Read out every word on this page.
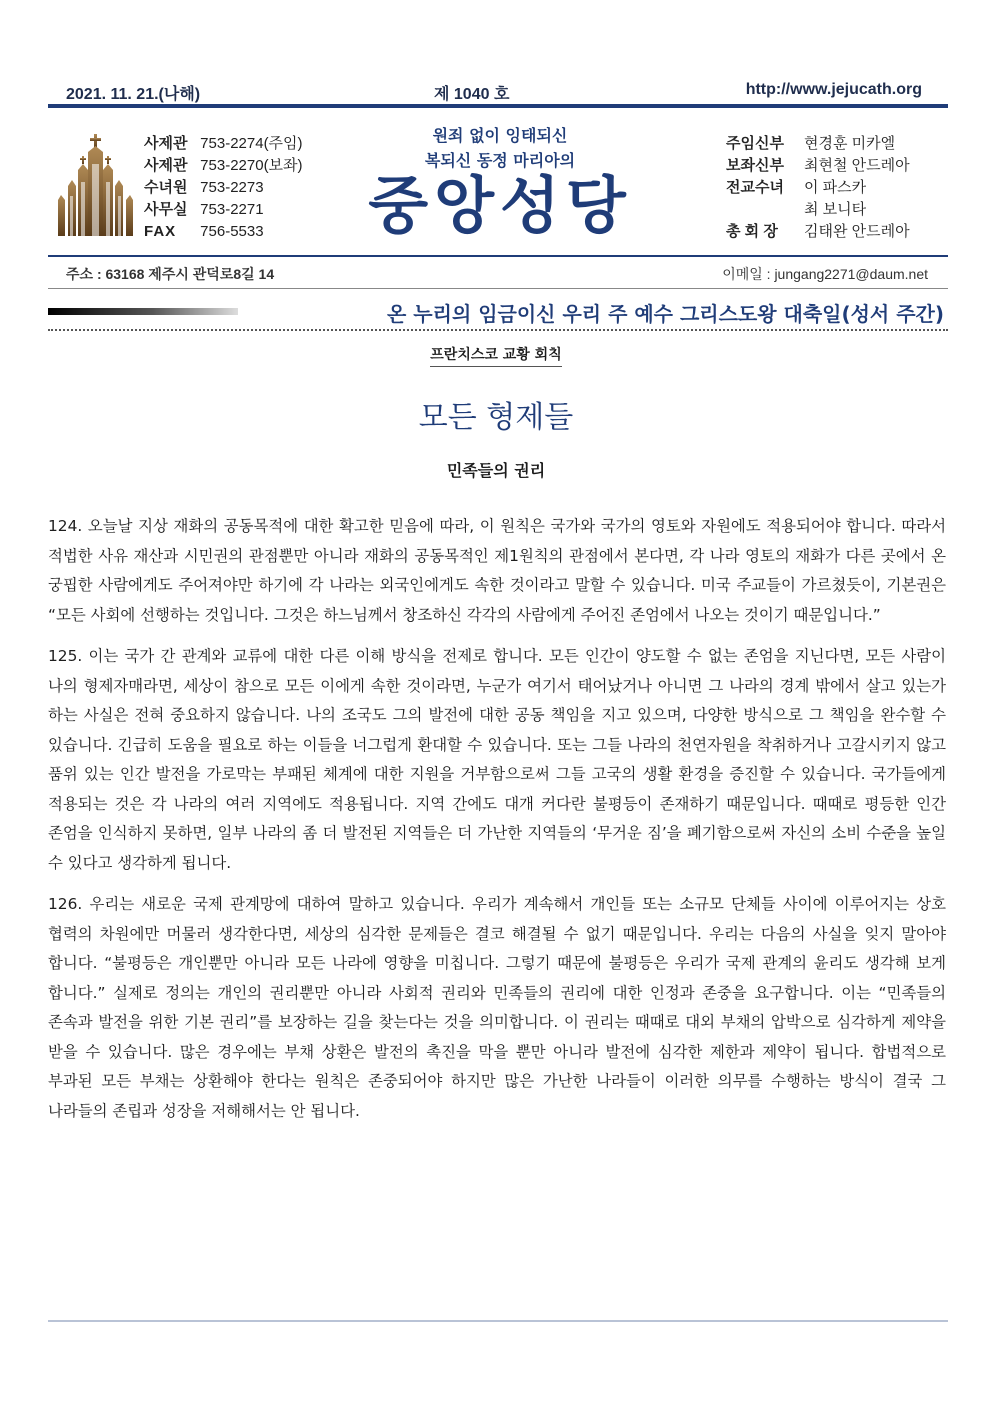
2021. 11. 21.(나해)	제 1040 호	http://www.jejucath.org
사제관 753-2274(주임)
사제관 753-2270(보좌)
수녀원 753-2273
사무실 753-2271
FAX 756-5533
원죄 없이 잉태되신
복되신 동정 마리아의
중앙성당
주임신부 현경훈 미카엘
보좌신부 최현철 안드레아
전교수녀 이 파스카
최 보니타
총 회 장 김태완 안드레아
주소 : 63168 제주시 관덕로8길 14	이메일 : jungang2271@daum.net
온 누리의 임금이신 우리 주 예수 그리스도왕 대축일(성서 주간)
프란치스코 교황 회칙
모든 형제들
민족들의 권리

124. 오늘날 지상 재화의 공동목적에 대한 확고한 믿음에 따라, 이 원칙은 국가와 국가의 영토와 자원에도 적용되어야 합니다. 따라서 적법한 사유 재산과 시민권의 관점뿐만 아니라 재화의 공동목적인 제1원칙의 관점에서 본다면, 각 나라 영토의 재화가 다른 곳에서 온 궁핍한 사람에게도 주어져야만 하기에 각 나라는 외국인에게도 속한 것이라고 말할 수 있습니다. 미국 주교들이 가르쳤듯이, 기본권은 “모든 사회에 선행하는 것입니다. 그것은 하느님께서 창조하신 각각의 사람에게 주어진 존엄에서 나오는 것이기 때문입니다.”

125. 이는 국가 간 관계와 교류에 대한 다른 이해 방식을 전제로 합니다. 모든 인간이 양도할 수 없는 존엄을 지닌다면, 모든 사람이 나의 형제자매라면, 세상이 참으로 모든 이에게 속한 것이라면, 누군가 여기서 태어났거나 아니면 그 나라의 경계 밖에서 살고 있는가 하는 사실은 전혀 중요하지 않습니다. 나의 조국도 그의 발전에 대한 공동 책임을 지고 있으며, 다양한 방식으로 그 책임을 완수할 수 있습니다. 긴급히 도움을 필요로 하는 이들을 너그럽게 환대할 수 있습니다. 또는 그들 나라의 천연자원을 착취하거나 고갈시키지 않고 품위 있는 인간 발전을 가로막는 부패된 체계에 대한 지원을 거부함으로써 그들 고국의 생활 환경을 증진할 수 있습니다. 국가들에게 적용되는 것은 각 나라의 여러 지역에도 적용됩니다. 지역 간에도 대개 커다란 불평등이 존재하기 때문입니다. 때때로 평등한 인간 존엄을 인식하지 못하면, 일부 나라의 좀 더 발전된 지역들은 더 가난한 지역들의 ‘무거운 짐’을 폐기함으로써 자신의 소비 수준을 높일 수 있다고 생각하게 됩니다.

126. 우리는 새로운 국제 관계망에 대하여 말하고 있습니다. 우리가 계속해서 개인들 또는 소규모 단체들 사이에 이루어지는 상호 협력의 차원에만 머물러 생각한다면, 세상의 심각한 문제들은 결코 해결될 수 없기 때문입니다. 우리는 다음의 사실을 잊지 말아야 합니다. “불평등은 개인뿐만 아니라 모든 나라에 영향을 미칩니다. 그렇기 때문에 불평등은 우리가 국제 관계의 윤리도 생각해 보게 합니다.” 실제로 정의는 개인의 권리뿐만 아니라 사회적 권리와 민족들의 권리에 대한 인정과 존중을 요구합니다. 이는 “민족들의 존속과 발전을 위한 기본 권리”를 보장하는 길을 찾는다는 것을 의미합니다. 이 권리는 때때로 대외 부채의 압박으로 심각하게 제약을 받을 수 있습니다. 많은 경우에는 부채 상환은 발전의 촉진을 막을 뿐만 아니라 발전에 심각한 제한과 제약이 됩니다. 합법적으로 부과된 모든 부채는 상환해야 한다는 원칙은 존중되어야 하지만 많은 가난한 나라들이 이러한 의무를 수행하는 방식이 결국 그 나라들의 존립과 성장을 저해해서는 안 됩니다.
